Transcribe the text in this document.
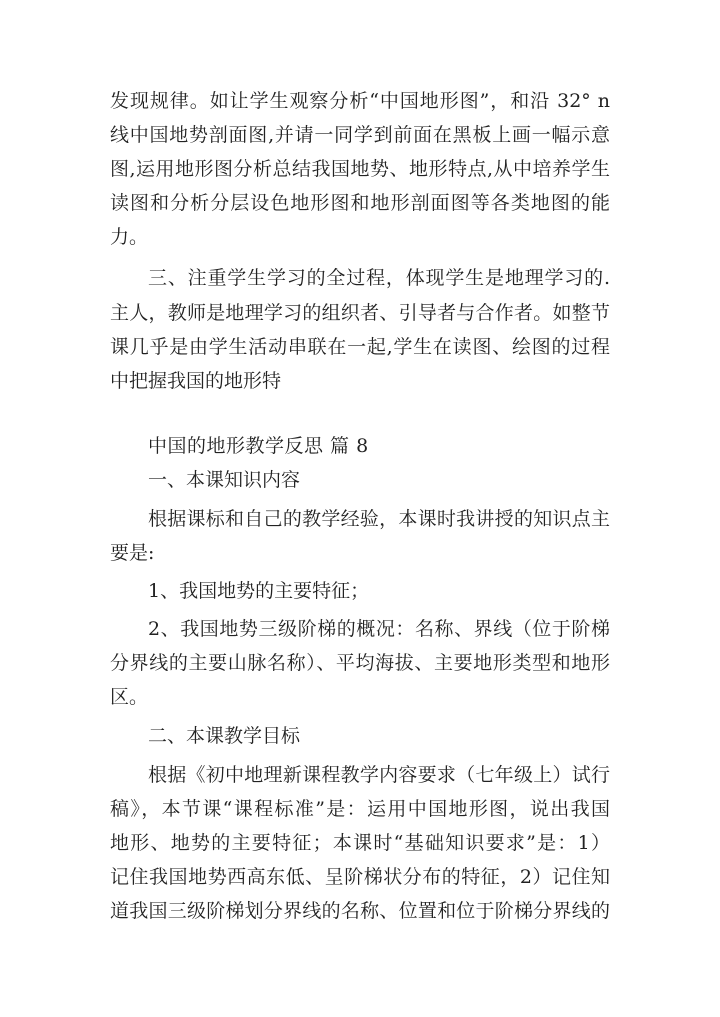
发现规律。如让学生观察分析“中国地形图”，和沿 32° n
线中国地势剖面图,并请一同学到前面在黑板上画一幅示意
图,运用地形图分析总结我国地势、地形特点,从中培养学生
读图和分析分层设色地形图和地形剖面图等各类地图的能
力。
三、注重学生学习的全过程，体现学生是地理学习的.
主人，教师是地理学习的组织者、引导者与合作者。如整节
课几乎是由学生活动串联在一起,学生在读图、绘图的过程
中把握我国的地形特
中国的地形教学反思 篇 8
一、本课知识内容
根据课标和自己的教学经验，本课时我讲授的知识点主
要是:
1、我国地势的主要特征；
2、我国地势三级阶梯的概况：名称、界线（位于阶梯
分界线的主要山脉名称）、平均海拔、主要地形类型和地形
区。
二、本课教学目标
根据《初中地理新课程教学内容要求（七年级上）试行
稿》，本节课“课程标准”是：运用中国地形图，说出我国
地形、地势的主要特征；本课时“基础知识要求”是：1）
记住我国地势西高东低、呈阶梯状分布的特征，2）记住知
道我国三级阶梯划分界线的名称、位置和位于阶梯分界线的
